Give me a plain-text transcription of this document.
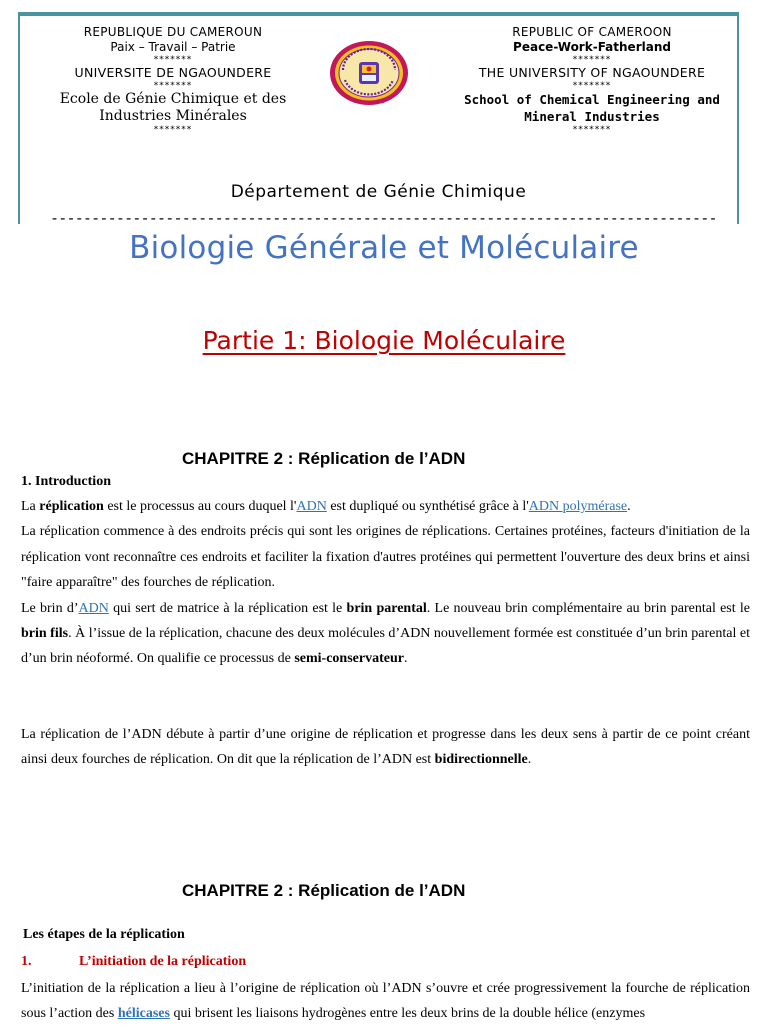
REPUBLIQUE DU CAMEROUN
Paix – Travail – Patrie
*******
UNIVERSITE DE NGAOUNDERE
*******
Ecole de Génie Chimique et des
Industries Minérales
*******
REPUBLIC OF CAMEROON
Peace-Work-Fatherland
*******
THE UNIVERSITY OF NGAOUNDERE
*******
School of Chemical Engineering and
Mineral Industries
*******
Département de Génie Chimique
---------------------------------------------------------------------------------
Biologie Générale et Moléculaire
Partie 1: Biologie Moléculaire
CHAPITRE 2 : Réplication de l’ADN
1. Introduction

La réplication est le processus au cours duquel l'ADN est dupliqué ou synthétisé grâce à l'ADN polymérase.

La réplication commence à des endroits précis qui sont les origines de réplications. Certaines protéines, facteurs d'initiation de la réplication vont reconnaître ces endroits et faciliter la fixation d'autres protéines qui permettent l'ouverture des deux brins et ainsi "faire apparaître" des fourches de réplication.

Le brin d’ADN qui sert de matrice à la réplication est le brin parental. Le nouveau brin complémentaire au brin parental est le brin fils. À l’issue de la réplication, chacune des deux molécules d’ADN nouvellement formée est constituée d’un brin parental et d’un brin néoformé. On qualifie ce processus de semi-conservateur.

La réplication de l’ADN débute à partir d’une origine de réplication et progresse dans les deux sens à partir de ce point créant ainsi deux fourches de réplication. On dit que la réplication de l’ADN est bidirectionnelle.

CHAPITRE 2 : Réplication de l’ADN
Les étapes de la réplication
1.	L’initiation de la réplication

L’initiation de la réplication a lieu à l’origine de réplication où l’ADN s’ouvre et crée progressivement la fourche de réplication sous l’action des hélicases qui brisent les liaisons hydrogènes entre les deux brins de la double hélice (enzymes
